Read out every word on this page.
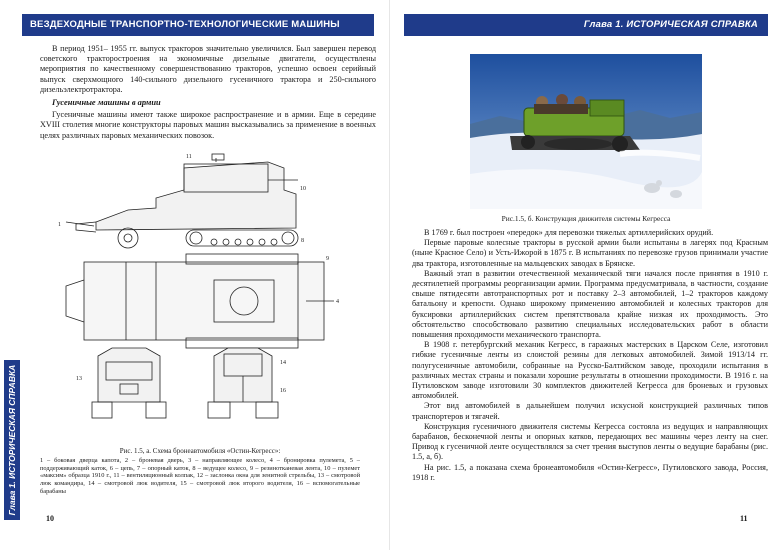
ВЕЗДЕХОДНЫЕ ТРАНСПОРТНО-ТЕХНОЛОГИЧЕСКИЕ МАШИНЫ	Глава 1. ИСТОРИЧЕСКАЯ СПРАВКА
Глава 1. ИСТОРИЧЕСКАЯ СПРАВКА

В период 1951– 1955 гг. выпуск тракторов значительно увеличился. Был завершен перевод советского тракторостроения на экономичные дизельные двигатели, осуществлены мероприятия по качественному совершенствованию тракторов, успешно освоен серийный выпуск сверхмощного 140-сильного дизельного гусеничного трактора и 250-сильного дизельэлектротрактора.

Гусеничные машины в армии

Гусеничные машины имеют также широкое распространение и в армии. Еще в середине XVIII столетия многие конструкторы паровых машин высказывались за применение в военных целях различных паровых механических повозок.

1
11
10
8
4
9
13
14
16
Рис. 1.5, а. Схема бронеавтомобиля «Остин-Кегресс»:
1 – боковая дверца капота, 2 – броневая дверь, 3 – направляющее колесо, 4 – бронировка пулемета, 5 – поддерживающий каток, 6 – цепь, 7 – опорный каток, 8 – ведущее колесо, 9 – резиноткaневая лента, 10 – пулемет «максим» образца 1910 г., 11 – вентиляционный колпак, 12 – заслонка окна для зенитной стрельбы, 13 – смотровой люк командира, 14 – смотровой люк водителя, 15 – смотровой люк второго водителя, 16 – вспомогательные барабаны
10
Рис.1.5, б. Конструкция движителя системы Кегресса

В 1769 г. был построен «передок» для перевозки тяжелых артиллерийских орудий.

Первые паровые колесные тракторы в русской армии были испытаны в лагерях под Красным (ныне Красное Село) и Усть-Ижорой в 1875 г. В испытаниях по перевозке грузов принимали участие два трактора, изготовленные на мальцевских заводах в Брянске.

Важный этап в развитии отечественной механической тяги начался после принятия в 1910 г. десятилетней программы реорганизации армии. Программа предусматривала, в частности, создание свыше пятидесяти автотранспортных рот и поставку 2–3 автомобилей, 1–2 тракторов каждому батальону и крепости. Однако широкому применению автомобилей и колесных тракторов для буксировки артиллерийских систем препятствовала крайне низкая их проходимость. Это обстоятельство способствовало развитию специальных исследовательских работ в области повышения проходимости механического транспорта.

В 1908 г. петербургский механик Кегресс, в гаражных мастерских в Царском Селе, изготовил гибкие гусеничные ленты из слоистой резины для легковых автомобилей. Зимой 1913/14 гг. полугусеничные автомобили, собранные на Русско-Балтийском заводе, проходили испытания в различных местах страны и показали хорошие результаты в отношении проходимости. В 1916 г. на Путиловском заводе изготовили 30 комплектов движителей Кегресса для броневых и грузовых автомобилей.

Этот вид автомобилей в дальнейшем получил искусной конструкцией различных типов транспортеров и тягачей.

Конструкция гусеничного движителя системы Кегресса состояла из ведущих и направляющих барабанов, бесконечной ленты и опорных катков, передающих вес машины через ленту на снег. Привод к гусеничной ленте осуществлялся за счет трения выступов ленты о ведущие барабаны (рис. 1.5, а, б).

На рис. 1.5, а показана схема бронеавтомобиля «Остин-Кегресс», Путиловского завода, Россия, 1918 г.

11
